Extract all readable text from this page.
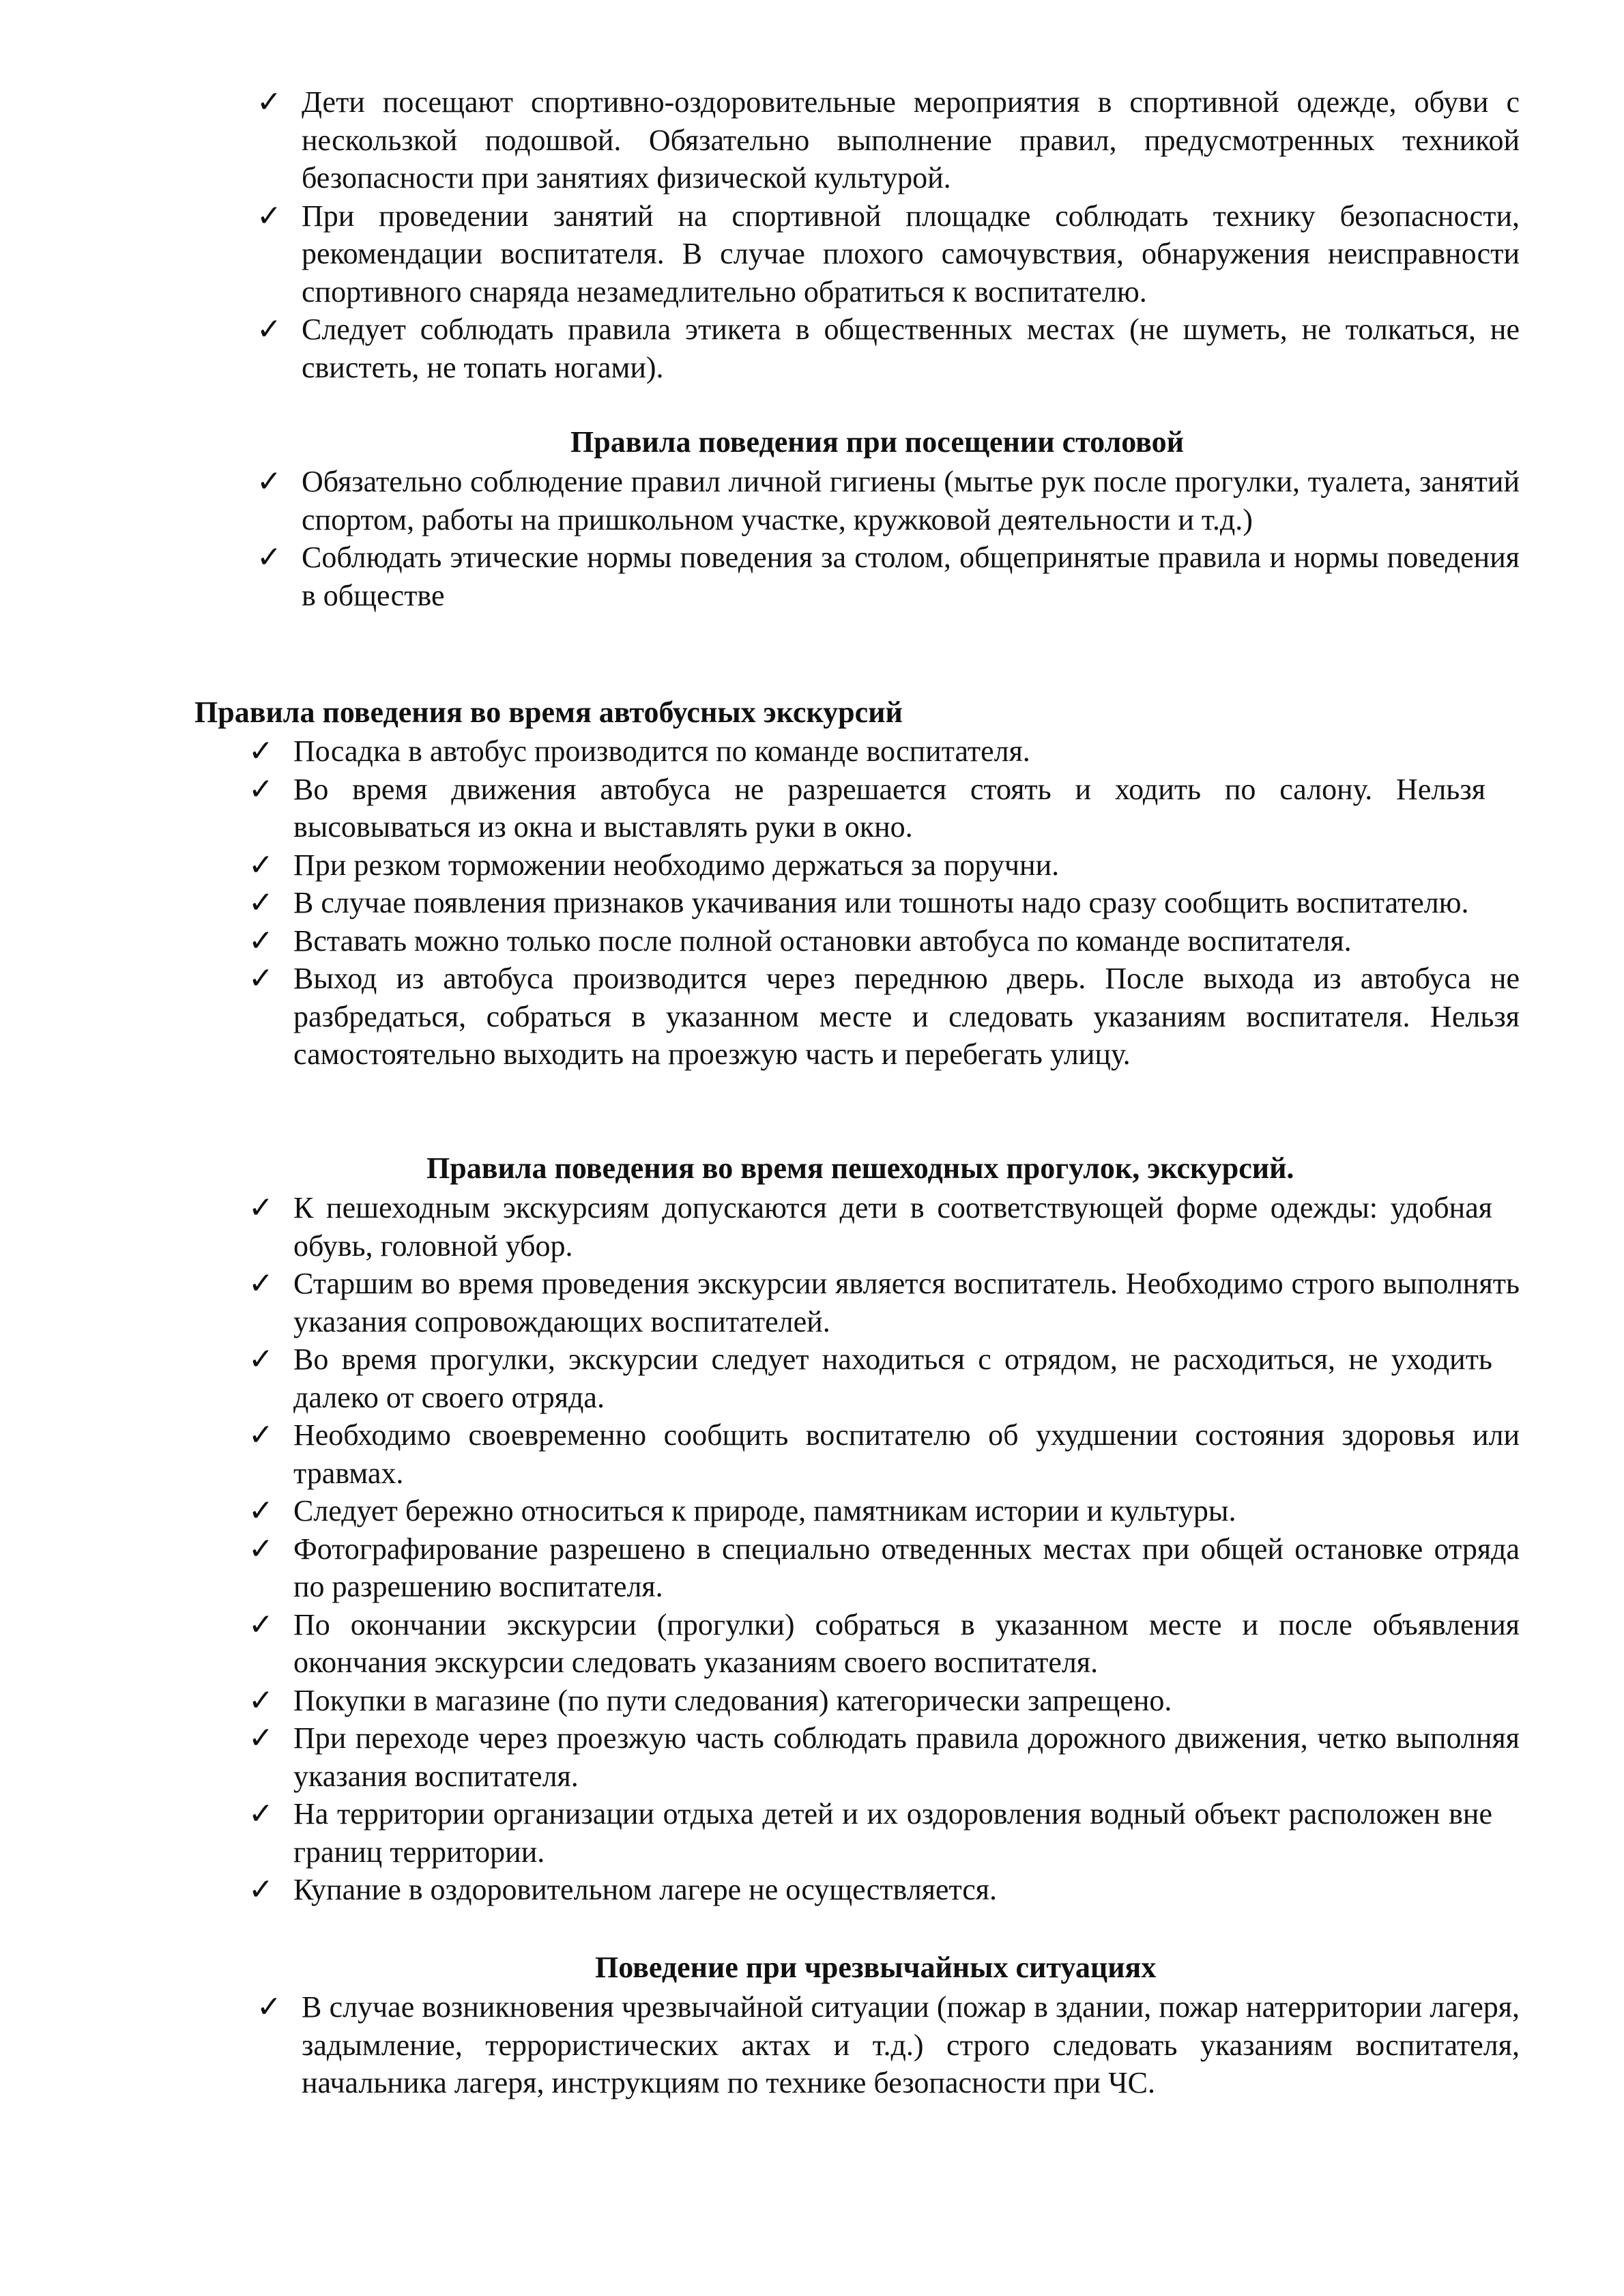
✓ Дети посещают спортивно-оздоровительные мероприятия в спортивной одежде, обуви с нескользкой подошвой. Обязательно выполнение правил, предусмотренных техникой безопасности при занятиях физической культурой.
✓ При проведении занятий на спортивной площадке соблюдать технику безопасности, рекомендации воспитателя. В случае плохого самочувствия, обнаружения неисправности спортивного снаряда незамедлительно обратиться к воспитателю.
✓ Следует соблюдать правила этикета в общественных местах (не шуметь, не толкаться, не свистеть, не топать ногами).
Правила поведения при посещении столовой
✓ Обязательно соблюдение правил личной гигиены (мытье рук после прогулки, туалета, занятий спортом, работы на пришкольном участке, кружковой деятельности и т.д.)
✓ Соблюдать этические нормы поведения за столом, общепринятые правила и нормы поведения в обществе
Правила поведения во время автобусных экскурсий
✓ Посадка в автобус производится по команде воспитателя.
✓ Во время движения автобуса не разрешается стоять и ходить по салону. Нельзя высовываться из окна и выставлять руки в окно.
✓ При резком торможении необходимо держаться за поручни.
✓ В случае появления признаков укачивания или тошноты надо сразу сообщить воспитателю.
✓ Вставать можно только после полной остановки автобуса по команде воспитателя.
✓ Выход из автобуса производится через переднюю дверь. После выхода из автобуса не разбредаться, собраться в указанном месте и следовать указаниям воспитателя. Нельзя самостоятельно выходить на проезжую часть и перебегать улицу.
Правила поведения во время пешеходных прогулок, экскурсий.
✓ К пешеходным экскурсиям допускаются дети в соответствующей форме одежды: удобная обувь, головной убор.
✓ Старшим во время проведения экскурсии является воспитатель. Необходимо строго выполнять указания сопровождающих воспитателей.
✓ Во время прогулки, экскурсии следует находиться с отрядом, не расходиться, не уходить далеко от своего отряда.
✓ Необходимо своевременно сообщить воспитателю об ухудшении состояния здоровья или травмах.
✓ Следует бережно относиться к природе, памятникам истории и культуры.
✓ Фотографирование разрешено в специально отведенных местах при общей остановке отряда по разрешению воспитателя.
✓ По окончании экскурсии (прогулки) собраться в указанном месте и после объявления окончания экскурсии следовать указаниям своего воспитателя.
✓ Покупки в магазине (по пути следования) категорически запрещено.
✓ При переходе через проезжую часть соблюдать правила дорожного движения, четко выполняя указания воспитателя.
✓ На территории организации отдыха детей и их оздоровления водный объект расположен вне границ территории.
✓ Купание в оздоровительном лагере не осуществляется.
Поведение при чрезвычайных ситуациях
✓ В случае возникновения чрезвычайной ситуации (пожар в здании, пожар натерритории лагеря, задымление, террористических актах и т.д.) строго следовать указаниям воспитателя, начальника лагеря, инструкциям по технике безопасности при ЧС.
